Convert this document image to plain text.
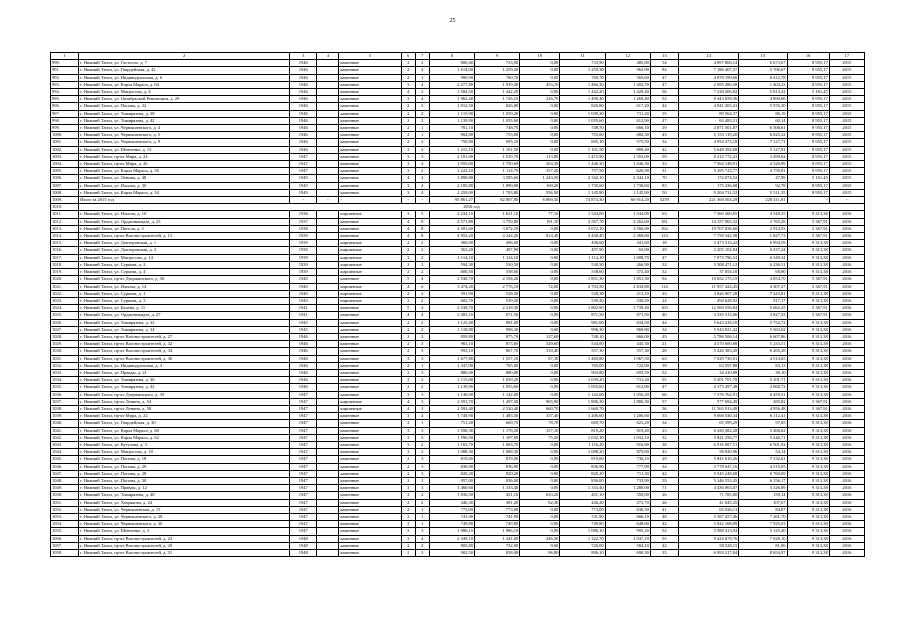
25
1	2	3	4	5	6	7	8	9	10	11	12	13	14	15	16	17
990.	г. Нижний Тагил, ул. Гастелло, д. 7	1946		каменные	2	2	800,40	733,90	0,00	733,90	485,80	54	4 897 806,14	6 673,67	8 955,17	2015
991.	г. Нижний Тагил, ул. Гвардейская, д. 42	1946		каменные	2	4	1 614,00	1 259,30	0,00	1 259,30	963,90	84	7 186 407,37	5 706,67	8 955,17	2015
992.	г. Нижний Тагил, ул. Индивидуальная, д. 6	1946		каменные	2	1	900,90	760,70	0,00	760,70	565,60	47	4 878 199,66	6 412,78	8 955,17	2015
993.	г. Нижний Тагил, ул. Карла Маркса, д. 64	1946		каменные	3	4	2 277,80	1 919,40	453,10	1 466,30	1 402,70	47	2 695 286,58	1 404,23	8 955,17	2015
994.	г. Нижний Тагил, ул. Матросова, д. 4	1946		каменные	4	2	1 584,50	1 442,20	0,00	1 442,20	1 429,40	56	7 230 206,82	5 013,32	5 161,45	2015
995.	г. Нижний Тагил, ул. Октябрьской Революции, д. 29	1946		каменные	3	4	1 962,40	1 726,10	226,70	1 499,40	1 269,40	52	8 443 659,36	4 890,66	8 955,17	2015
996.	г. Нижний Тагил, ул. Попова, д. 22	1946		каменные	2	3	1 012,50	826,80	0,00	826,80	617,20	44	4 941 203,41	5 976,30	8 955,17	2015
997.	г. Нижний Тагил, ул. Тимирязева, д. 38	1946		каменные	2	2	1 115,90	1 039,20	0,00	1 039,20	731,20	55	89 564,37	86,19	8 955,17	2015
998.	г. Нижний Тагил, ул. Тимирязева, д. 42	1946		каменные	2	2	1 139,90	1 055,60	0,00	1 055,60	612,90	47	63 483,31	60,14	8 955,17	2015
999.	г. Нижний Тагил, ул. Чернышевского, д. 4	1946		каменные	2	1	781,10	748,70	0,00	748,70	666,10	29	4 871 501,87	6 506,61	8 955,17	2015
1000.	г. Нижний Тагил, ул. Чернышевского, д. 5	1946		каменные	2	1	904,80	755,00	0,00	755,00	684,30	43	5 153 119,20	6 825,32	8 955,17	2015
1001.	г. Нижний Тагил, ул. Чернышевского, д. 9	1946		каменные	2	2	750,80	695,10	0,00	695,10	575,50	34	4 954 473,18	7 127,71	8 955,17	2015
1002.	г. Нижний Тагил, ул. Шевченко, д. 13	1946		каменные	3	2	1 215,10	1 101,50	0,00	1 101,50	809,40	42	5 648 392,68	5 127,91	8 955,17	2015
1003.	г. Нижний Тагил, пр-кт Мира, д. 24	1947		каменные	3	3	2 101,00	1 529,70	113,80	1 415,90	1 353,00	59	8 412 772,41	3 499,62	8 955,17	2015
1004.	г. Нижний Тагил, пр-кт Мира, д. 26	1947		каменные	3	4	1 955,00	1 750,60	304,30	1 446,30	1 446,30	33	7 564 148,91	4 320,89	8 955,17	2015
1005.	г. Нижний Тагил, ул. Карла Маркса, д. 56	1947		каменные	3	2	1 222,10	1 114,70	357,20	757,50	626,90	31	5 295 723,77	4 750,81	8 955,17	2015
1006.	г. Нижний Тагил, ул. Ленина, д. 48	1949		каменные	4	4	3 890,80	3 585,60	1 243,50	2 342,10	2 342,10	70	172 074,52	47,99	5 161,45	2015
1007.	г. Нижний Тагил, ул. Ильича, д. 30	1949		каменные	3	4	2 185,80	1 890,80	160,20	1 730,60	1 730,60	83	175 436,68	92,78	8 955,17	2015
1008.	г. Нижний Тагил, ул. Карла Маркса, д. 54	1949		каменные	3	4	2 259,00	1 703,80	556,90	1 145,90	1 145,90	50	9 204 731,52	5 511,35	8 955,17	2015
1009.	Итого за 2015 год	-	-	-	-	-	95 861,27	82 807,80	6 869,30	74 874,30	66 914,20	3259	221 368 504,29	228 411,81	-	-
1010.	2016 год															
1011.	г. Нижний Тагил, ул. Ильича, д. 10	1936		кирпичные	3	5	2 234,10	1 621,10	77,10	1 544,00	1 544,00	63	7 360 360,05	4 540,35	9 313,38	2016
1012.	г. Нижний Тагил, ул. Орджоникидзе, д. 23	1937		каменные	4	8	4 571,80	3 759,80	191,10	3 567,70	3 262,60	181	14 157 065,32	3 765,26	5 367,91	2016
1013.	г. Нижний Тагил, ул. Пиголя, д. 5	1938		каменные	4	8	4 581,60	3 672,10	0,00	3 672,10	3 566,90	162	19 707 038,60	2 914,93	5 367,91	2016
1014.	г. Нижний Тагил, пр-кт Вагоностроителей, д. 13	1939		каменные	4	8	4 952,20	4 244,20	814,40	3 430,40	2 368,60	133	7 758 342,58	1 827,73	5 367,91	2016
1015.	г. Нижний Тагил, ул. Докторовская, д. 1	1939		кирпичные	2	2	560,00	496,60	0,00	496,60	341,60	18	3 473 515,22	6 994,59	9 313,38	2016
1016.	г. Нижний Тагил, ул. Докторовская, д. 2	1939		кирпичные	2	2	563,20	497,90	0,00	497,90	63,90	29	3 205 102,84	6 437,24	9 313,38	2016
1017.	г. Нижний Тагил, ул. Матросова, д. 14	1939		кирпичные	3	2	1 114,10	1 114,10	0,00	1 114,10	1 008,70	47	7 073 796,54	6 349,34	9 313,38	2016
1018.	г. Нижний Тагил, ул. Суркова, д. 2	1939		кирпичные	2	2	594,30	530,50	0,00	530,50	266,90	32	3 308 471,12	6 236,51	9 313,38	2016
1019.	г. Нижний Тагил, ул. Суркова, д. 4	1939		кирпичные	2	2	600,50	538,60	0,00	538,60	373,40	32	37 054,10	68,80	9 313,38	2016
1020.	г. Нижний Тагил, пр-кт Дзержинского, д. 30	1940		каменные	5	4	2 530,70	2 194,20	0,00	1 851,30	1 851,30	94	10 652 175,15	4 854,70	5 367,91	2016
1021.	г. Нижний Тагил, ул. Ильича, д. 14	1940		кирпичные	4	6	3 474,20	2 776,10	72,60	2 703,50	2 634,80	114	11 957 424,45	4 307,27	5 367,91	2016
1022.	г. Нижний Тагил, ул. Суркова, д. 1	1940		кирпичные	2	2	591,90	528,30	0,00	528,30	213,10	25	3 826 907,28	7 243,81	9 313,38	2016
1023.	г. Нижний Тагил, ул. Суркова, д. 3	1940		кирпичные	2	2	602,70	539,30	0,00	539,30	330,20	24	494 628,02	917,17	9 313,38	2016
1024.	г. Нижний Тагил, ул. Балена, д. 11	1941		каменные	5	4	2 530,70	2 218,30	0,00	1 802,90	1 739,40	103	12 560 556,84	5 662,25	5 367,91	2016
1025.	г. Нижний Тагил, ул. Орджоникидзе, д. 27	1941		каменные	4	4	2 405,10	871,50	0,00	871,50	871,50	40	3 335 513,00	3 827,33	5 367,91	2016
1026.	г. Нижний Тагил, ул. Тимирязева, д. 32	1945		каменные	2	2	1 125,40	981,00	0,00	981,00	834,50	44	5 643 418,10	5 752,72	9 313,38	2016
1027.	г. Нижний Тагил, ул. Тимирязева, д. 34	1945		каменные	2	2	1 118,80	996,30	0,00	996,30	869,80	34	5 543 031,42	5 563,62	9 313,38	2016
1028.	г. Нижний Тагил, пр-кт Вагоностроителей, д. 27	1946		каменные	2	2	959,80	875,70	127,60	748,10	666,00	45	5 786 506,14	6 607,86	9 313,38	2016
1029.	г. Нижний Тагил, пр-кт Вагоностроителей, д. 32	1946		каменные	2	3	963,10	873,60	329,60	544,00	445,30	21	4 570 600,68	5 233,51	9 313,38	2016
1030.	г. Нижний Тагил, пр-кт Вагоностроителей, д. 34	1946		каменные	2	3	993,10	867,70	310,40	557,30	557,30	28	5 426 383,45	6 265,28	9 313,38	2016
1031.	г. Нижний Тагил, пр-кт Вагоностроителей, д. 36	1946		каменные	3	3	1 677,80	1 557,10	87,30	1 469,80	1 067,50	63	7 029 730,01	4 514,65	9 313,38	2016
1032.	г. Нижний Тагил, ул. Индивидуальная, д. 4	1946		каменные	2	1	1 347,00	765,00	0,00	765,00	722,90	39	63 597,88	83,13	9 313,38	2016
1033.	г. Нижний Тагил, ул. Правды, д. 21	1946		каменные	2	3	880,00	880,00	0,00	903,80	693,50	52	34 410,88	39,10	9 313,38	2016
1034.	г. Нижний Тагил, ул. Тимирязева, д. 36	1946		каменные	2	2	1 115,00	1 039,20	0,00	1 039,20	731,20	55	5 301 701,78	5 101,71	9 313,38	2016
1035.	г. Нижний Тагил, ул. Тимирязева, д. 42	1946		каменные	2	2	1 139,90	1 055,60	0,00	1 055,60	612,90	47	2 175 297,48	2 060,72	9 313,38	2016
1036.	г. Нижний Тагил, пр-кт Дзержинского, д. 39	1947		каменные	3	3	1 140,00	1 142,00	0,00	1 142,00	1 056,20	66	7 376 762,91	6 459,51	9 313,38	2016
1037.	г. Нижний Тагил, пр-кт Ленина, д. 54	1947		кирпичные	4	3	2 591,70	1 497,30	965,90	1 806,30	1 806,30	57	577 694,49	385,82	5 367,91	2016
1038.	г. Нижний Тагил, пр-кт Ленина, д. 58	1947		кирпичные	4	3	2 593,40	2 530,40	660,70	1 669,70		56	11 565 913,49	4 956,48	5 367,91	2016
1039.	г. Нижний Тагил, пр-кт Мира, д. 22	1947		каменные	3	4	1 749,90	1 483,30	337,40	1 206,60	1 206,60	33	9 066 530,34	6 112,41	9 313,38	2016
1040.	г. Нижний Тагил, ул. Гвардейская, д. 30	1947		каменные	2	1	751,20	669,70	78,70	669,70	623,20	34	65 399,29	97,65	9 313,38	2016
1041.	г. Нижний Тагил, ул. Карла Маркса, д. 60	1947		каменные	3	3	1 596,30	1 176,30	357,10	819,20	819,20	23	6 430 382,28	5 466,62	9 313,38	2016
1042.	г. Нижний Тагил, ул. Карла Маркса, д. 62	1947		каменные	3	3	1 596,50	1 107,60	75,50	1 032,10	1 032,10	32	5 821 256,77	5 246,71	9 313,38	2016
1043.	г. Нижний Тагил, ул. Кутузова, д. 3	1947		каменные	3	2	1 163,70	1 063,70	0,00	1 116,20	916,90	38	6 916 087,51	6 501,92	9 313,38	2016
1044.	г. Нижний Тагил, ул. Матросова, д. 10	1947		каменные	3	2	1 088,30	1 088,30	0,00	1 088,30	875,60	43	58 920,96	54,14	9 313,38	2016
1045.	г. Нижний Тагил, ул. Попова, д. 18	1947		каменные	2	3	819,00	819,00	0,00	819,00	736,10	29	5 841 610,26	7 132,61	9 313,38	2016
1046.	г. Нижний Тагил, ул. Попова, д. 20	1947		каменные	2	3	836,90	836,90	0,00	836,90	777,90	34	3 778 647,16	4 515,05	9 313,38	2016
1047.	г. Нижний Тагил, ул. Попова, д. 28	1947		каменные	2	3	820,20	820,20	0,00	820,20	711,30	42	5 545 248,68	6 760,69	9 313,38	2016
1048.	г. Нижний Тагил, ул. Попова, д. 30	1947		каменные	2	3	957,00	836,00	0,00	836,00	733,90	55	5 146 553,45	6 156,17	9 313,38	2016
1049.	г. Нижний Тагил, ул. Правды, д. 12	1947		каменные	3	3	1 460,60	1 333,40	0,00	1 333,40	1 280,00	71	4 436 063,07	3 326,89	9 313,38	2016
1050.	г. Нижний Тагил, ул. Тимирязева, д. 40	1947		каменные	2	2	1 036,50	451,10	633,20	451,10	350,00	26	71 785,80	159,14	9 313,38	2016
1051.	г. Нижний Тагил, ул. Хохрякова, д. 24	1947		каменные	2	2	446,30	381,20	62,30	446,20	272,70	26	41 045,25	107,67	9 313,38	2016
1052.	г. Нижний Тагил, ул. Чернышевская, д. 15	1947		каменные	2	1	773,00	773,00	0,00	773,00	636,50	41	65 036,13	84,07	9 313,38	2016
1053.	г. Нижний Тагил, ул. Чернышевского, д. 28	1947		каменные	2	1	741,90	741,90	0,00	741,90	666,10	48	5 387 457,46	7 261,70	9 313,38	2016
1054.	г. Нижний Тагил, ул. Чернышевского, д. 30	1947		каменные	2	1	749,80	749,80	0,00	749,80	648,60	42	5 942 168,09	7 925,03	9 313,38	2016
1055.	г. Нижний Тагил, ул. Шевченко, д. 3	1947		каменные	3	3	1 086,10	1 086,10	0,00	1 086,10	995,20	54	5 588 413,94	5 145,40	9 313,38	2016
1056.	г. Нижний Тагил, пр-кт Вагоностроителей, д. 23	1948		каменные	3	4	2 349,10	1 341,00	446,30	1 322,70	1 047,10	55	9 424 678,76	7 028,10	9 313,38	2016
1057.	г. Нижний Тагил, пр-кт Вагоностроителей, д. 29	1948		каменные	2	2	805,80	732,00	0,00	726,00	584,10	42	58 528,15	81,06	9 313,38	2016
1058.	г. Нижний Тагил, пр-кт Вагоностроителей, д. 31	1948		каменные	2	3	902,50	838,00	96,80	806,10	690,30	35	6 993 217,04	8 654,97	9 313,38	2016
